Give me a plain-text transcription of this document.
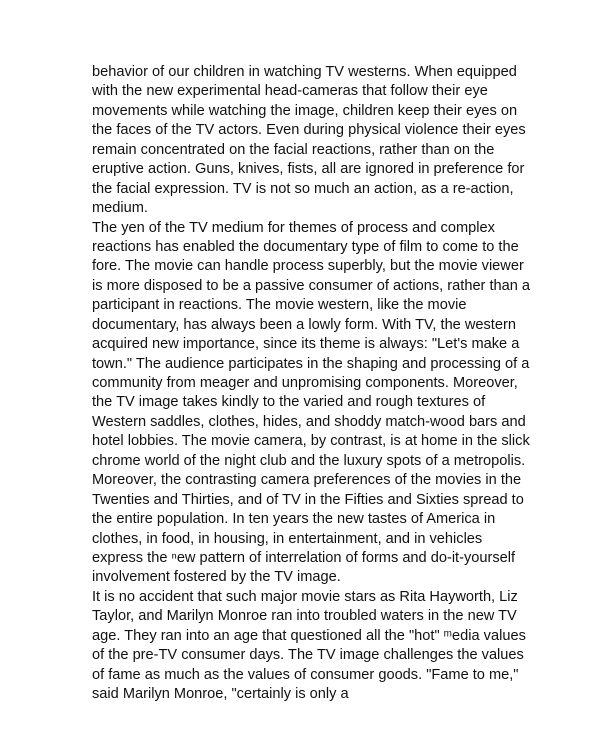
behavior of our children in watching TV westerns. When equipped
with the new experimental head-cameras that follow their eye
movements while watching the image, children keep their eyes on
the faces of the TV actors. Even during physical violence their eyes
remain concentrated on the facial reactions, rather than on the
eruptive action. Guns, knives, fists, all are ignored in preference for
the facial expression. TV is not so much an action, as a re-action,
medium.
The yen of the TV medium for themes of process and complex
reactions has enabled the documentary type of film to come to the
fore. The movie can handle process superbly, but the movie viewer
is more disposed to be a passive consumer of actions, rather than a
participant in reactions. The movie western, like the movie
documentary, has always been a lowly form. With TV, the western
acquired new importance, since its theme is always: "Let's make a
town." The audience participates in the shaping and processing of a
community from meager and unpromising components. Moreover,
the TV image takes kindly to the varied and rough textures of
Western saddles, clothes, hides, and shoddy match-wood bars and
hotel lobbies. The movie camera, by contrast, is at home in the slick
chrome world of the night club and the luxury spots of a metropolis.
Moreover, the contrasting camera preferences of the movies in the
Twenties and Thirties, and of TV in the Fifties and Sixties spread to
the entire population. In ten years the new tastes of America in
clothes, in food, in housing, in entertainment, and in vehicles
express the ⁿew pattern of interrelation of forms and do-it-yourself
involvement fostered by the TV image.
It is no accident that such major movie stars as Rita Hayworth, Liz
Taylor, and Marilyn Monroe ran into troubled waters in the new TV
age. They ran into an age that questioned all the "hot" ᵐedia values
of the pre-TV consumer days. The TV image challenges the values
of fame as much as the values of consumer goods. "Fame to me,"
said Marilyn Monroe, "certainly is only a
